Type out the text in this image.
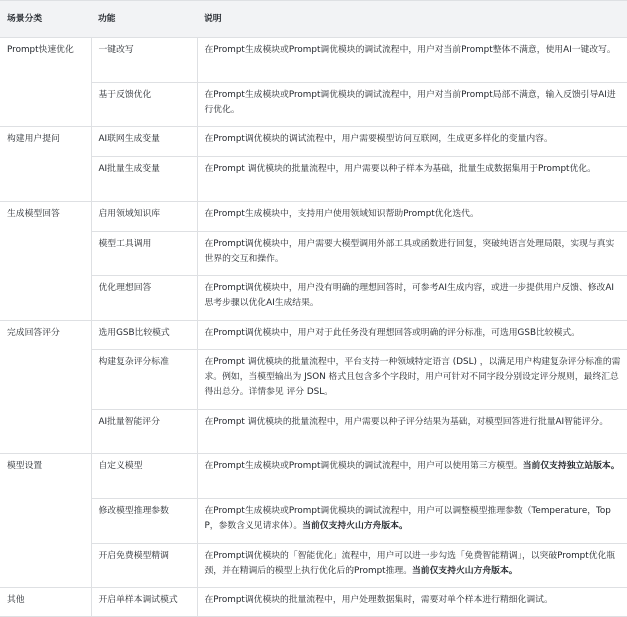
场景分类	功能	说明
Prompt快速优化	一键改写	在Prompt生成模块或Prompt调优模块的调试流程中，用户对当前Prompt整体不满意，使用AI一键改写。
	基于反馈优化	在Prompt生成模块或Prompt调优模块的调试流程中，用户对当前Prompt局部不满意，输入反馈引导AI进行优化。
构建用户提问	AI联网生成变量	在Prompt调优模块的调试流程中，用户需要模型访问互联网，生成更多样化的变量内容。
	AI批量生成变量	在Prompt 调优模块的批量流程中，用户需要以种子样本为基础，批量生成数据集用于Prompt优化。
生成模型回答	启用领域知识库	在Prompt生成模块中，支持用户使用领域知识帮助Prompt优化迭代。
	模型工具调用	在Prompt调优模块中，用户需要大模型调用外部工具或函数进行回复，突破纯语言处理局限，实现与真实世界的交互和操作。
	优化理想回答	在Prompt调优模块中，用户没有明确的理想回答时，可参考AI生成内容，或进一步提供用户反馈、修改AI思考步骤以优化AI生成结果。
完成回答评分	选用GSB比较模式	在Prompt调优模块中，用户对于此任务没有理想回答或明确的评分标准，可选用GSB比较模式。
	构建复杂评分标准	在Prompt 调优模块的批量流程中，平台支持一种领域特定语言 (DSL) ，以满足用户构建复杂评分标准的需求。例如，当模型输出为 JSON 格式且包含多个字段时，用户可针对不同字段分别设定评分规则，最终汇总得出总分。详情参见 评分 DSL。
	AI批量智能评分	在Prompt 调优模块的批量流程中，用户需要以种子评分结果为基础，对模型回答进行批量AI智能评分。
模型设置	自定义模型	在Prompt生成模块或Prompt调优模块的调试流程中，用户可以使用第三方模型。当前仅支持独立站版本。
	修改模型推理参数	在Prompt生成模块或Prompt调优模块的调试流程中，用户可以调整模型推理参数（Temperature，Top P，参数含义见请求体）。当前仅支持火山方舟版本。
	开启免费模型精调	在Prompt调优模块的「智能优化」流程中，用户可以进一步勾选「免费智能精调」，以突破Prompt优化瓶颈，并在精调后的模型上执行优化后的Prompt推理。当前仅支持火山方舟版本。
其他	开启单样本调试模式	在Prompt调优模块的批量流程中，用户处理数据集时，需要对单个样本进行精细化调试。
